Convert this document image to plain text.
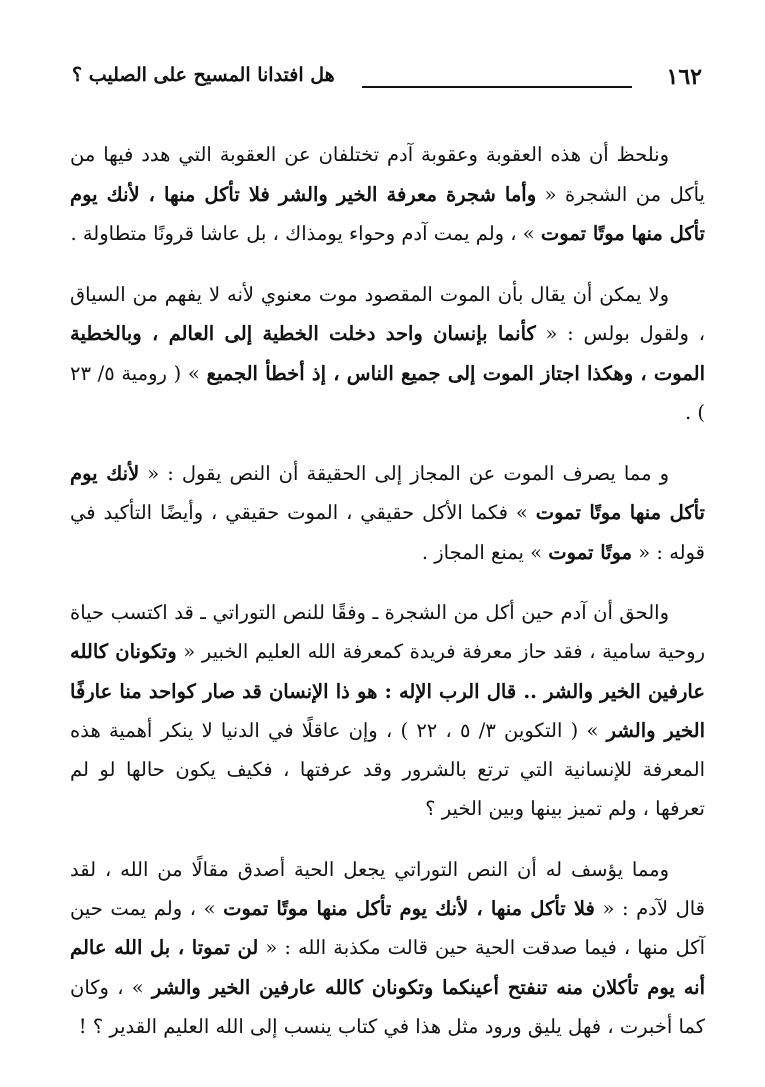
١٦٢
هل افتدانا المسيح على الصليب ؟

ونلحظ أن هذه العقوبة وعقوبة آدم تختلفان عن العقوبة التي هدد فيها من يأكل من الشجرة « وأما شجرة معرفة الخير والشر فلا تأكل منها ، لأنك يوم تأكل منها موتًا تموت » ، ولم يمت آدم وحواء يومذاك ، بل عاشا قرونًا متطاولة .

ولا يمكن أن يقال بأن الموت المقصود موت معنوي لأنه لا يفهم من السياق ، ولقول بولس : « كأنما بإنسان واحد دخلت الخطية إلى العالم ، وبالخطية الموت ، وهكذا اجتاز الموت إلى جميع الناس ، إذ أخطأ الجميع » ( رومية ٥/ ٢٣ ) .

و مما يصرف الموت عن المجاز إلى الحقيقة أن النص يقول : « لأنك يوم تأكل منها موتًا تموت » فكما الأكل حقيقي ، الموت حقيقي ، وأيضًا التأكيد في قوله : « موتًا تموت » يمنع المجاز .

والحق أن آدم حين أكل من الشجرة ـ وفقًا للنص التوراتي ـ قد اكتسب حياة روحية سامية ، فقد حاز معرفة فريدة كمعرفة الله العليم الخبير « وتكونان كالله عارفين الخير والشر .. قال الرب الإله : هو ذا الإنسان قد صار كواحد منا عارفًا الخير والشر » ( التكوين ٣/ ٥ ، ٢٢ ) ، وإن عاقلًا في الدنيا لا ينكر أهمية هذه المعرفة للإنسانية التي ترتع بالشرور وقد عرفتها ، فكيف يكون حالها لو لم تعرفها ، ولم تميز بينها وبين الخير ؟

ومما يؤسف له أن النص التوراتي يجعل الحية أصدق مقالًا من الله ، لقد قال لآدم : « فلا تأكل منها ، لأنك يوم تأكل منها موتًا تموت » ، ولم يمت حين آكل منها ، فيما صدقت الحية حين قالت مكذبة الله : « لن تموتا ، بل الله عالم أنه يوم تأكلان منه تنفتح أعينكما وتكونان كالله عارفين الخير والشر » ، وكان كما أخبرت ، فهل يليق ورود مثل هذا في كتاب ينسب إلى الله العليم القدير ؟ !
